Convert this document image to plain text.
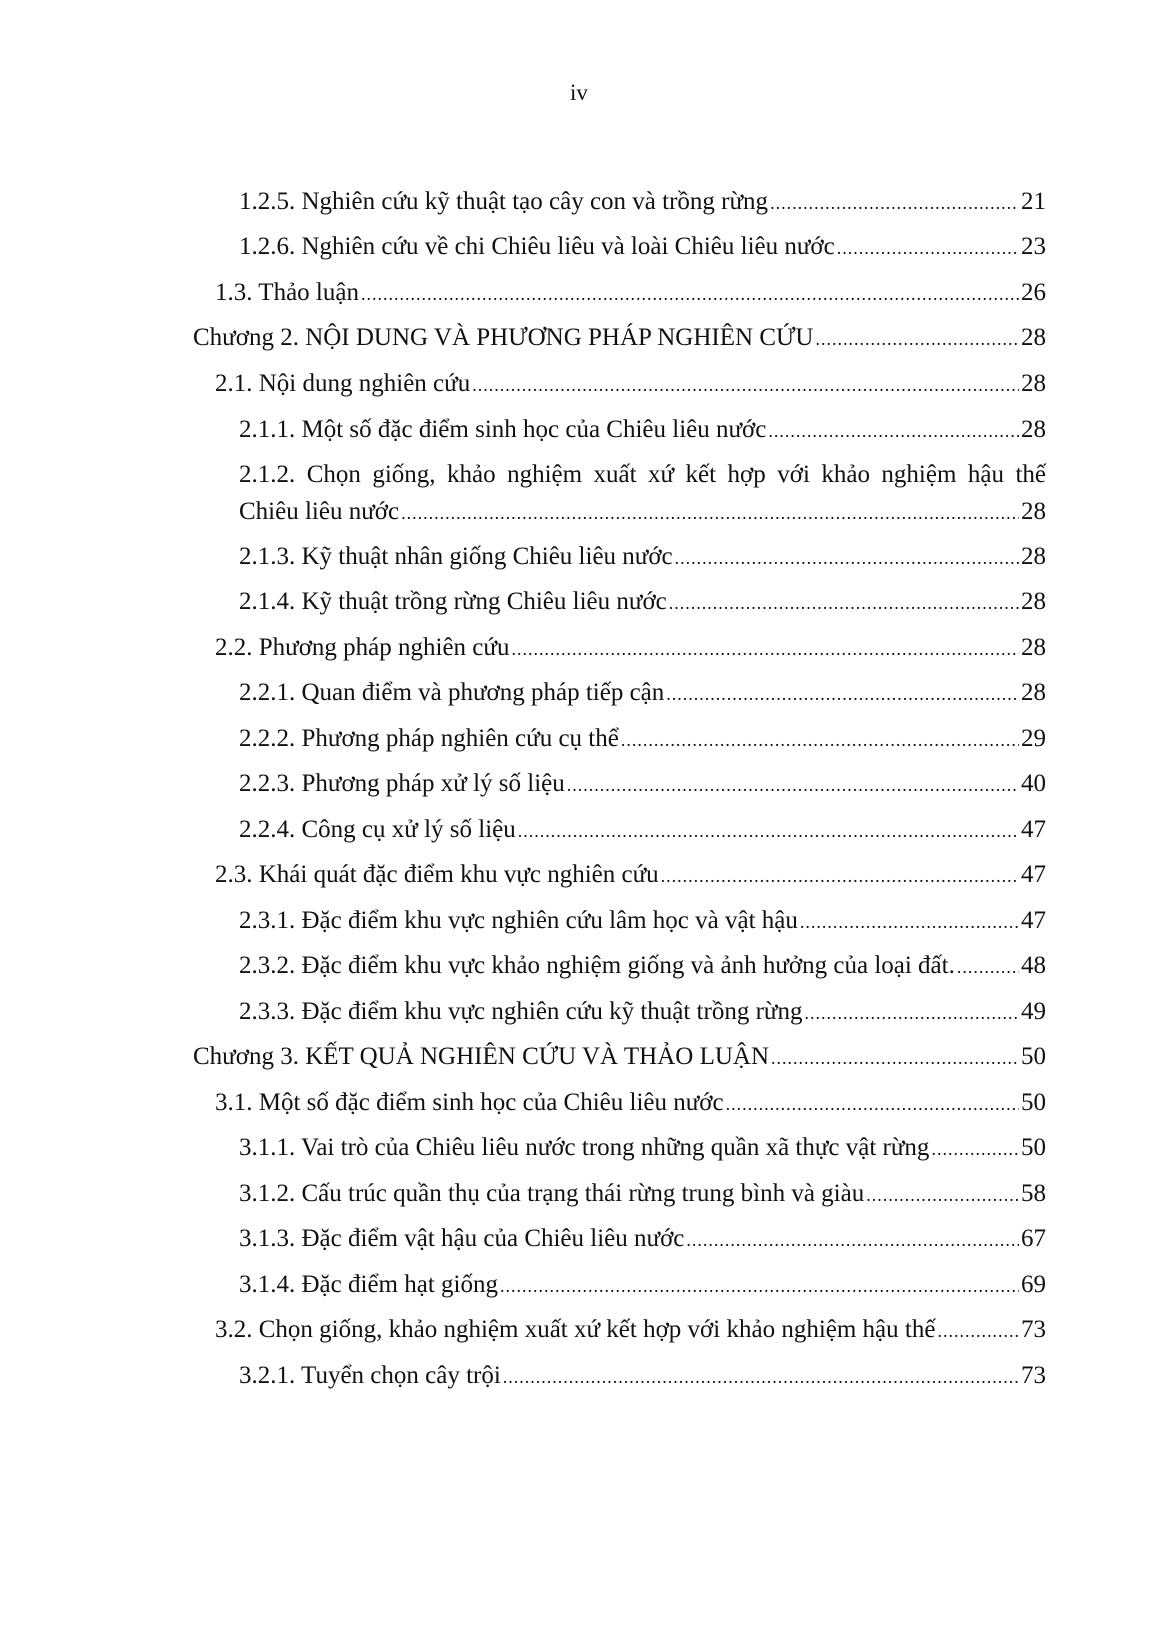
iv
1.2.5. Nghiên cứu kỹ thuật tạo cây con và trồng rừng .....	21
1.2.6. Nghiên cứu về chi Chiêu liêu và loài Chiêu liêu nước .....	23
1.3. Thảo luận .....	26
Chương 2. NỘI DUNG VÀ PHƯƠNG PHÁP NGHIÊN CỨU .....	28
2.1. Nội dung nghiên cứu .....	28
2.1.1. Một số đặc điểm sinh học của Chiêu liêu nước .....	28
2.1.2. Chọn giống, khảo nghiệm xuất xứ kết hợp với khảo nghiệm hậu thế
Chiêu liêu nước .....	28
2.1.3. Kỹ thuật nhân giống Chiêu liêu nước .....	28
2.1.4. Kỹ thuật trồng rừng Chiêu liêu nước .....	28
2.2. Phương pháp nghiên cứu .....	28
2.2.1. Quan điểm và phương pháp tiếp cận .....	28
2.2.2. Phương pháp nghiên cứu cụ thể .....	29
2.2.3. Phương pháp xử lý số liệu .....	40
2.2.4. Công cụ xử lý số liệu .....	47
2.3. Khái quát đặc điểm khu vực nghiên cứu .....	47
2.3.1. Đặc điểm khu vực nghiên cứu lâm học và vật hậu .....	47
2.3.2. Đặc điểm khu vực khảo nghiệm giống và ảnh hưởng của loại đất. .....	48
2.3.3. Đặc điểm khu vực nghiên cứu kỹ thuật trồng rừng .....	49
Chương 3. KẾT QUẢ NGHIÊN CỨU VÀ THẢO LUẬN .....	50
3.1. Một số đặc điểm sinh học của Chiêu liêu nước .....	50
3.1.1. Vai trò của Chiêu liêu nước trong những quần xã thực vật rừng .....	50
3.1.2. Cấu trúc quần thụ của trạng thái rừng trung bình và giàu .....	58
3.1.3. Đặc điểm vật hậu của Chiêu liêu nước .....	67
3.1.4. Đặc điểm hạt giống .....	69
3.2. Chọn giống, khảo nghiệm xuất xứ kết hợp với khảo nghiệm hậu thế .....	73
3.2.1. Tuyển chọn cây trội .....	73
